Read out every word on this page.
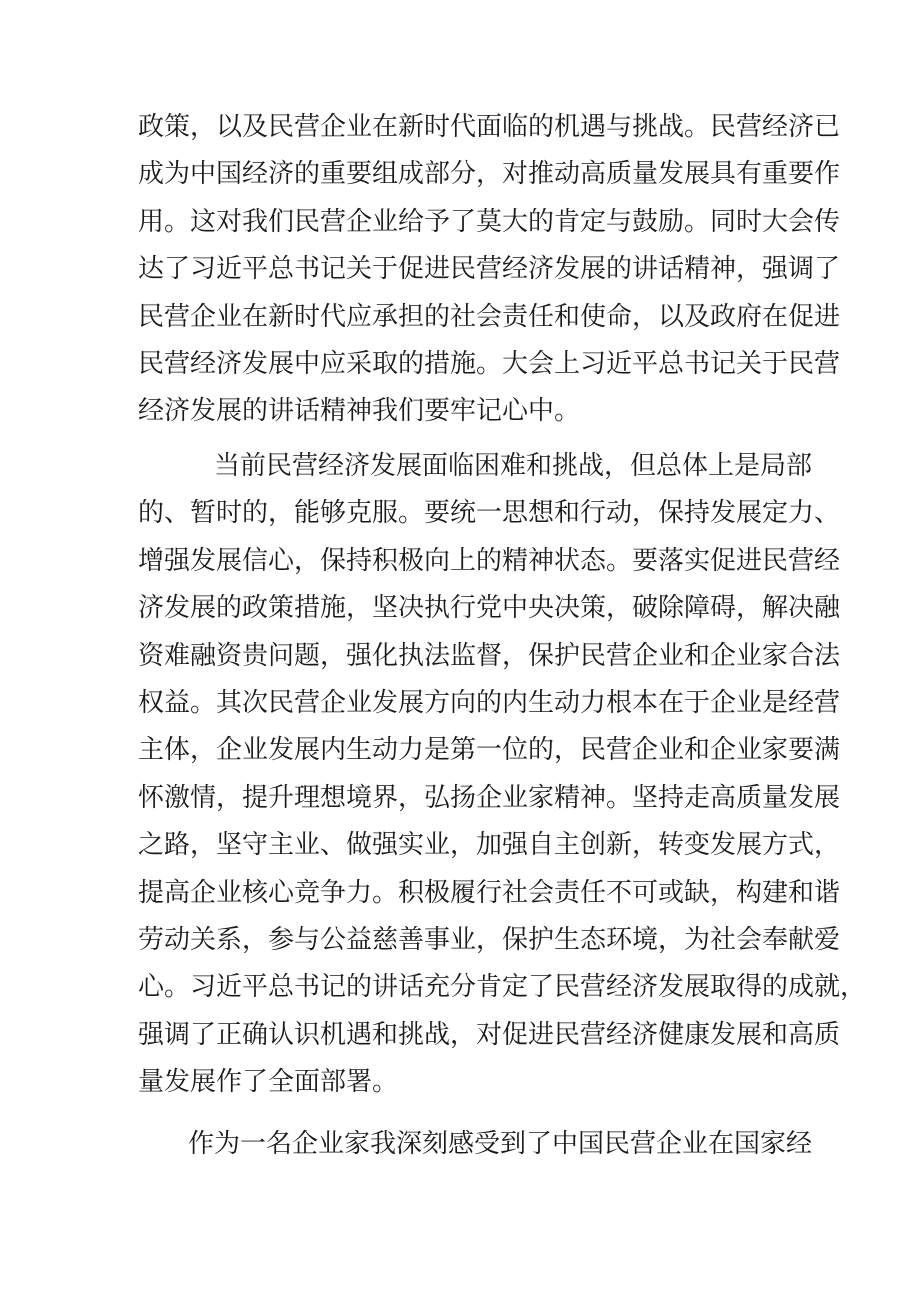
政策，以及民营企业在新时代面临的机遇与挑战。民营经济已
成为中国经济的重要组成部分，对推动高质量发展具有重要作
用。这对我们民营企业给予了莫大的肯定与鼓励。同时大会传
达了习近平总书记关于促进民营经济发展的讲话精神，强调了
民营企业在新时代应承担的社会责任和使命，以及政府在促进
民营经济发展中应采取的措施。大会上习近平总书记关于民营
经济发展的讲话精神我们要牢记心中。
当前民营经济发展面临困难和挑战，但总体上是局部
的、暂时的，能够克服。要统一思想和行动，保持发展定力、
增强发展信心，保持积极向上的精神状态。要落实促进民营经
济发展的政策措施，坚决执行党中央决策，破除障碍，解决融
资难融资贵问题，强化执法监督，保护民营企业和企业家合法
权益。其次民营企业发展方向的内生动力根本在于企业是经营
主体，企业发展内生动力是第一位的，民营企业和企业家要满
怀激情，提升理想境界，弘扬企业家精神。坚持走高质量发展
之路，坚守主业、做强实业，加强自主创新，转变发展方式，
提高企业核心竞争力。积极履行社会责任不可或缺，构建和谐
劳动关系，参与公益慈善事业，保护生态环境，为社会奉献爱
心。习近平总书记的讲话充分肯定了民营经济发展取得的成就，
强调了正确认识机遇和挑战，对促进民营经济健康发展和高质
量发展作了全面部署。
作为一名企业家我深刻感受到了中国民营企业在国家经
